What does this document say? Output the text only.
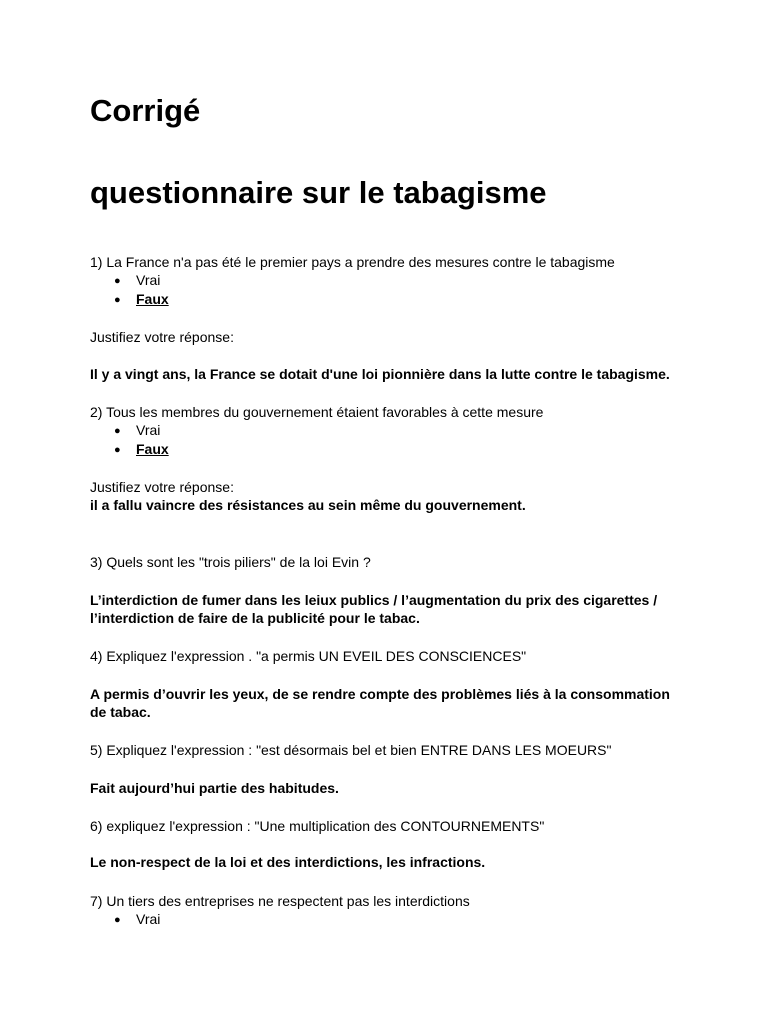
Corrigé
questionnaire sur le tabagisme
1) La France n'a pas été le premier pays a prendre des mesures contre le tabagisme
● Vrai
● Faux
Justifiez votre réponse:
Il y a vingt ans, la France se dotait d'une loi pionnière dans la lutte contre le tabagisme.
2) Tous les membres du gouvernement étaient favorables à cette mesure
● Vrai
● Faux
Justifiez votre réponse:
il a fallu vaincre des résistances au sein même du gouvernement.
3) Quels sont les "trois piliers" de la loi Evin ?
L’interdiction de fumer dans les leiux publics / l’augmentation du prix des cigarettes /
l’interdiction de faire de la publicité pour le tabac.
4) Expliquez l'expression . "a permis UN EVEIL DES CONSCIENCES"
A permis d’ouvrir les yeux, de se rendre compte des problèmes liés à la consommation
de tabac.
5) Expliquez l'expression : "est désormais bel et bien ENTRE DANS LES MOEURS"
Fait aujourd’hui partie des habitudes.
6) expliquez l'expression : "Une multiplication des CONTOURNEMENTS"
Le non-respect de la loi et des interdictions, les infractions.
7) Un tiers des entreprises ne respectent pas les interdictions
● Vrai
